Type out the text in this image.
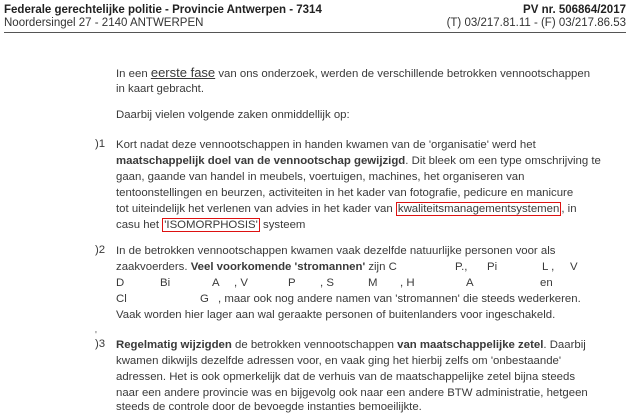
Federale gerechtelijke politie - Provincie Antwerpen - 7314
Noordersingel 27 - 2140 ANTWERPEN
PV nr. 506864/2017
(T) 03/217.81.11 - (F) 03/217.86.53
In een eerste fase van ons onderzoek, werden de verschillende betrokken vennootschappen
in kaart gebracht.
Daarbij vielen volgende zaken onmiddellijk op:
)1 Kort nadat deze vennootschappen in handen kwamen van de 'organisatie' werd het
maatschappelijk doel van de vennootschap gewijzigd. Dit bleek om een type omschrijving te
gaan, gaande van handel in meubels, voertuigen, machines, het organiseren van
tentoonstellingen en beurzen, activiteiten in het kader van fotografie, pedicure en manicure
tot uiteindelijk het verlenen van advies in het kader van kwaliteitsmanagementsystemen , in
casu het 'ISOMORPHOSIS' systeem
)2 In de betrokken vennootschappen kwamen vaak dezelfde natuurlijke personen voor als
zaakvoerders. Veel voorkomende 'stromannen' zijn C	P., Pi	L , V
D	Bi	A , V	P , S	M , H	A	en
Cl	G , maar ook nog andere namen van 'stromannen' die steeds wederkeren.
Vaak worden hier lager aan wal geraakte personen of buitenlanders voor ingeschakeld.
'
)3 Regelmatig wijzigden de betrokken vennootschappen van maatschappelijke zetel. Daarbij
kwamen dikwijls dezelfde adressen voor, en vaak ging het hierbij zelfs om 'onbestaande'
adressen. Het is ook opmerkelijk dat de verhuis van de maatschappelijke zetel bijna steeds
naar een andere provincie was en bijgevolg ook naar een andere BTW administratie, hetgeen
steeds de controle door de bevoegde instanties bemoeilijkte.
